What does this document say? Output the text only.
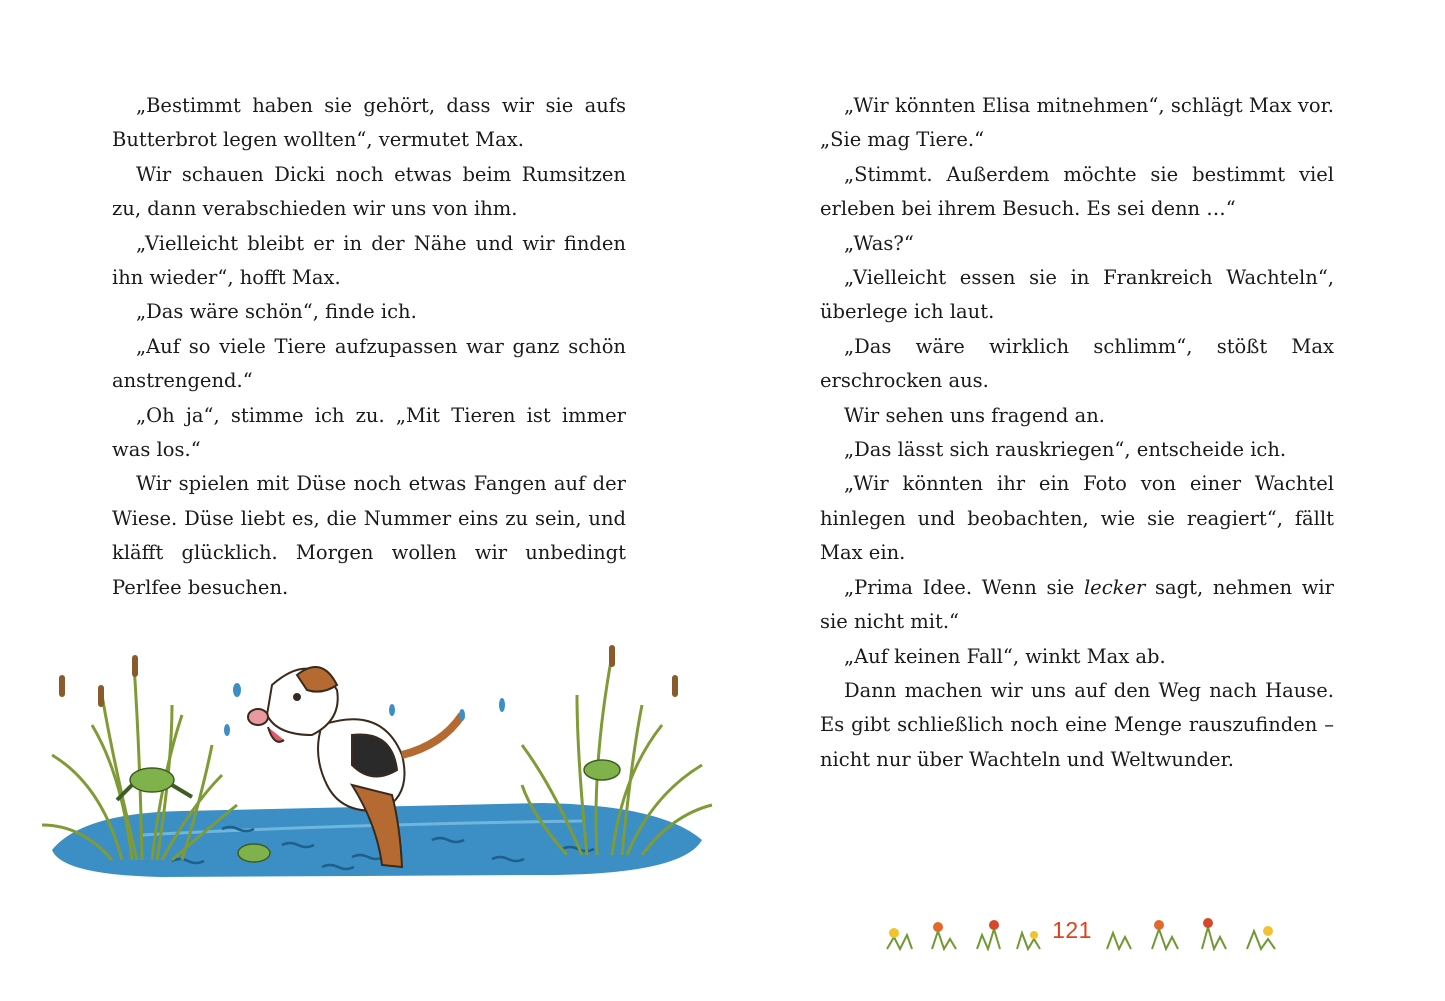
„Bestimmt haben sie gehört, dass wir sie aufs Butterbrot legen wollten“, vermutet Max.

Wir schauen Dicki noch etwas beim Rumsitzen zu, dann verabschieden wir uns von ihm.

„Vielleicht bleibt er in der Nähe und wir finden ihn wieder“, hofft Max.

„Das wäre schön“, finde ich.

„Auf so viele Tiere aufzupassen war ganz schön anstrengend.“

„Oh ja“, stimme ich zu. „Mit Tieren ist immer was los.“

Wir spielen mit Düse noch etwas Fangen auf der Wiese. Düse liebt es, die Nummer eins zu sein, und kläfft glücklich. Morgen wollen wir unbedingt Perlfee besuchen.

„Wir könnten Elisa mitnehmen“, schlägt Max vor. „Sie mag Tiere.“

„Stimmt. Außerdem möchte sie bestimmt viel erleben bei ihrem Besuch. Es sei denn …“

„Was?“

„Vielleicht essen sie in Frankreich Wachteln“, überlege ich laut.

„Das wäre wirklich schlimm“, stößt Max erschrocken aus.

Wir sehen uns fragend an.

„Das lässt sich rauskriegen“, entscheide ich.

„Wir könnten ihr ein Foto von einer Wachtel hinlegen und beobachten, wie sie reagiert“, fällt Max ein.

„Prima Idee. Wenn sie lecker sagt, nehmen wir sie nicht mit.“

„Auf keinen Fall“, winkt Max ab.

Dann machen wir uns auf den Weg nach Hause. Es gibt schließlich noch eine Menge rauszufinden – nicht nur über Wachteln und Weltwunder.

121
